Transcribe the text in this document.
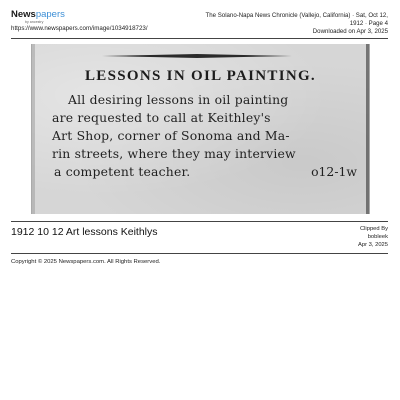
Newspapers
by ancestry
https://www.newspapers.com/image/1034918723/
The Solano-Napa News Chronicle (Vallejo, California) · Sat, Oct 12,
1912 · Page 4
Downloaded on Apr 3, 2025
LESSONS IN OIL PAINTING.
All desiring lessons in oil painting
are requested to call at Keithley's
Art Shop, corner of Sonoma and Ma-
rin streets, where they may interview
a competent teacher.	o12-1w
1912 10 12 Art lessons Keithlys	Clipped By
bobleek
Apr 3, 2025
Copyright © 2025 Newspapers.com. All Rights Reserved.
